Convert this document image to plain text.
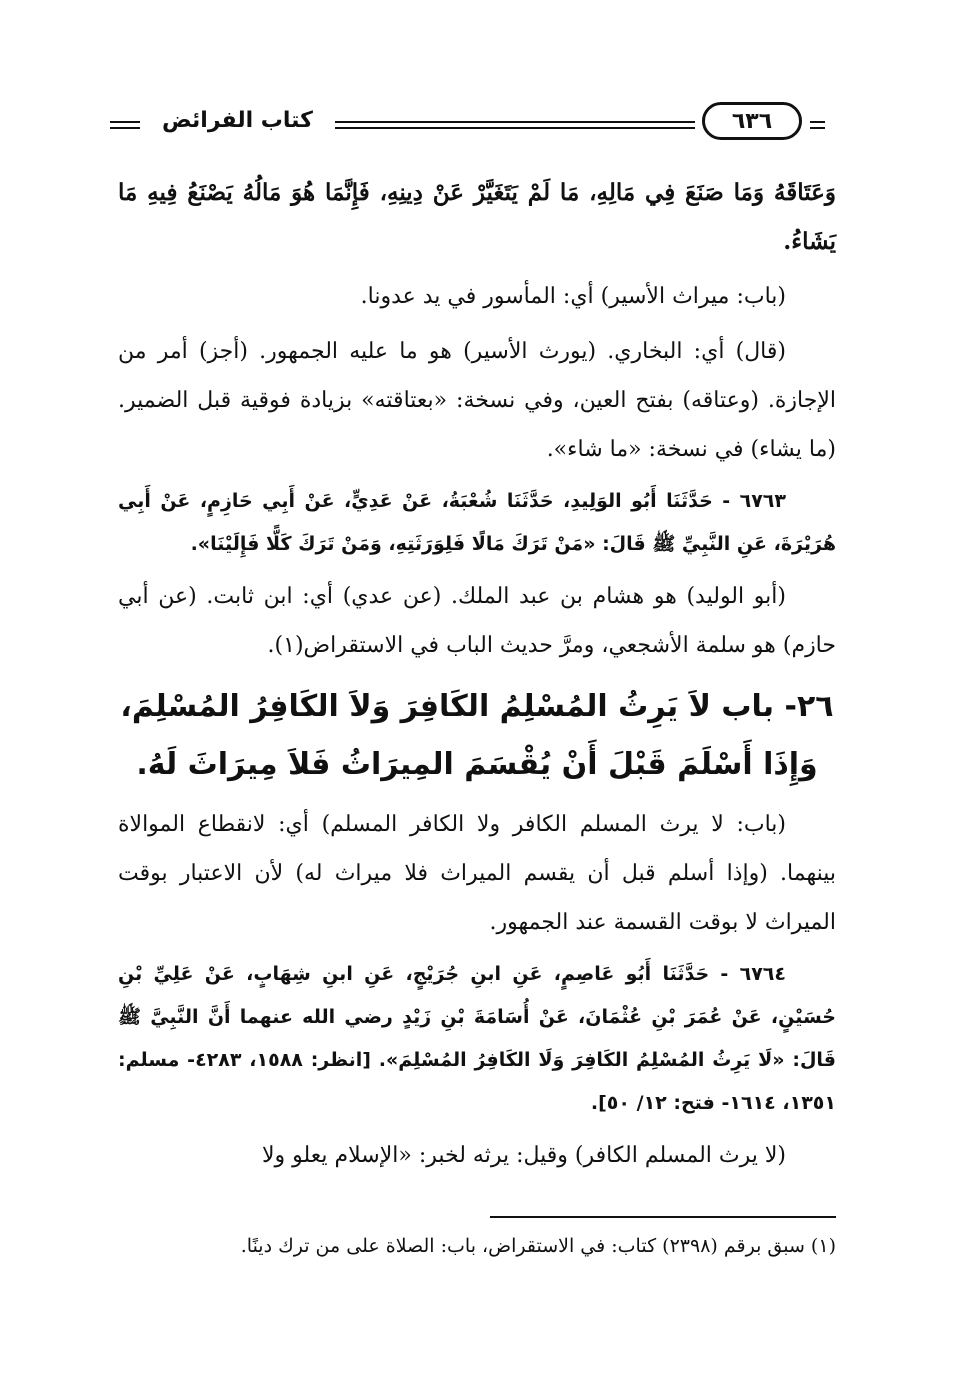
كتاب الفرائض	٦٣٦

وَعَتَاقَهُ وَمَا صَنَعَ فِي مَالِهِ، مَا لَمْ يَتَغَيَّرْ عَنْ دِينِهِ، فَإِنَّمَا هُوَ مَالُهُ يَصْنَعُ فِيهِ مَا يَشَاءُ.

(باب: ميراث الأسير) أي: المأسور في يد عدونا.

(قال) أي: البخاري. (يورث الأسير) هو ما عليه الجمهور. (أجز) أمر من الإجازة. (وعتاقه) بفتح العين، وفي نسخة: «بعتاقته» بزيادة فوقية قبل الضمير. (ما يشاء) في نسخة: «ما شاء».

٦٧٦٣ - حَدَّثَنَا أَبُو الوَلِيدِ، حَدَّثَنَا شُعْبَةُ، عَنْ عَدِيٍّ، عَنْ أَبِي حَازِمٍ، عَنْ أَبِي هُرَيْرَةَ، عَنِ النَّبِيِّ ﷺ قَالَ: «مَنْ تَرَكَ مَالًا فَلِوَرَثَتِهِ، وَمَنْ تَرَكَ كَلًّا فَإِلَيْنَا».

(أبو الوليد) هو هشام بن عبد الملك. (عن عدي) أي: ابن ثابت. (عن أبي حازم) هو سلمة الأشجعي، ومرَّ حديث الباب في الاستقراض(١).

٢٦- باب لاَ يَرِثُ المُسْلِمُ الكَافِرَ وَلاَ الكَافِرُ المُسْلِمَ، وَإِذَا أَسْلَمَ قَبْلَ أَنْ يُقْسَمَ المِيرَاثُ فَلاَ مِيرَاثَ لَهُ.

(باب: لا يرث المسلم الكافر ولا الكافر المسلم) أي: لانقطاع الموالاة بينهما. (وإذا أسلم قبل أن يقسم الميراث فلا ميراث له) لأن الاعتبار بوقت الميراث لا بوقت القسمة عند الجمهور.

٦٧٦٤ - حَدَّثَنَا أَبُو عَاصِمٍ، عَنِ ابنِ جُرَيْجٍ، عَنِ ابنِ شِهَابٍ، عَنْ عَلِيِّ بْنِ حُسَيْنٍ، عَنْ عُمَرَ بْنِ عُثْمَانَ، عَنْ أُسَامَةَ بْنِ زَيْدٍ رضي الله عنهما أَنَّ النَّبِيَّ ﷺ قَالَ: «لَا يَرِثُ المُسْلِمُ الكَافِرَ وَلَا الكَافِرُ المُسْلِمَ». [انظر: ١٥٨٨، ٤٢٨٣- مسلم: ١٣٥١، ١٦١٤- فتح: ١٢/ ٥٠].

(لا يرث المسلم الكافر) وقيل: يرثه لخبر: «الإسلام يعلو ولا

(١) سبق برقم (٢٣٩٨) كتاب: في الاستقراض، باب: الصلاة على من ترك دينًا.
